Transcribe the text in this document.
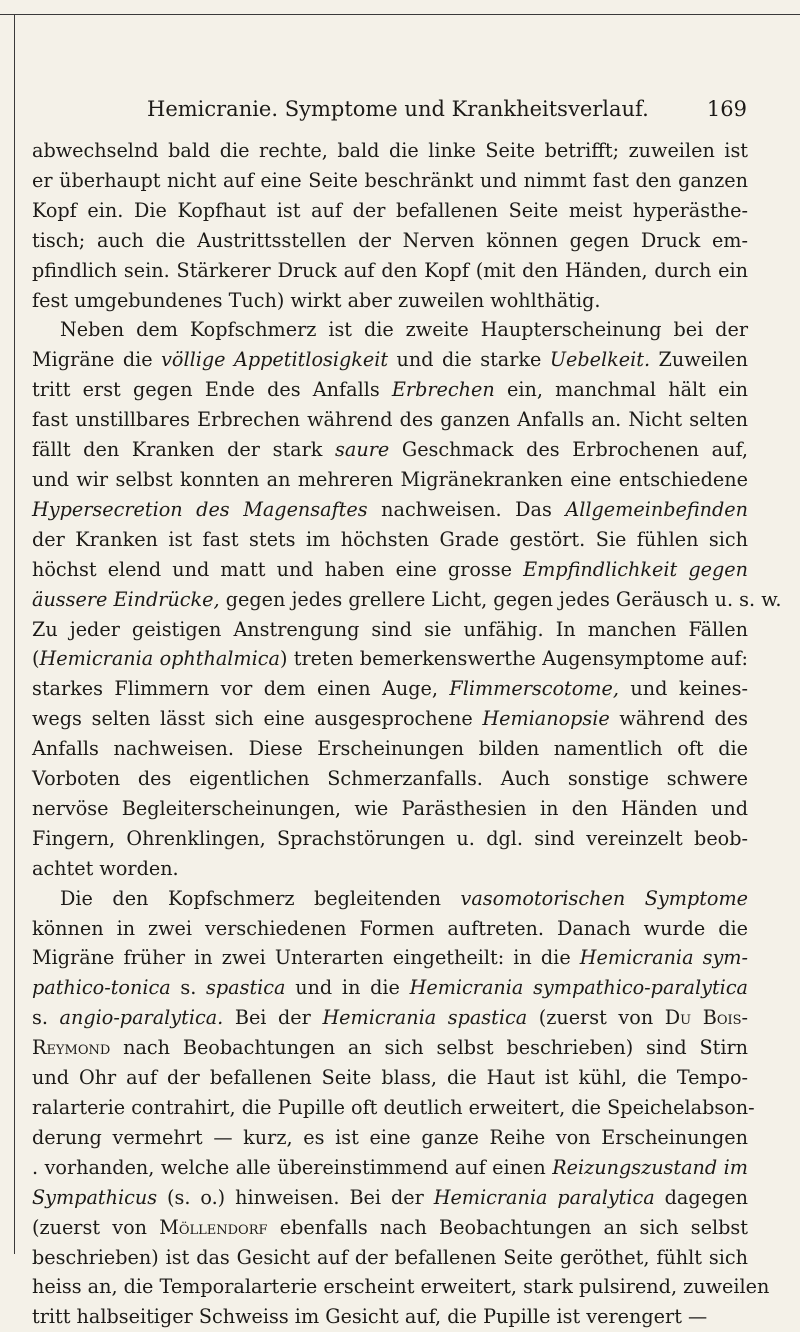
Hemicranie. Symptome und Krankheitsverlauf.	169

abwechselnd bald die rechte, bald die linke Seite betrifft; zuweilen ist
er überhaupt nicht auf eine Seite beschränkt und nimmt fast den ganzen
Kopf ein. Die Kopfhaut ist auf der befallenen Seite meist hyperästhe-
tisch; auch die Austrittsstellen der Nerven können gegen Druck em-
pfindlich sein. Stärkerer Druck auf den Kopf (mit den Händen, durch ein
fest umgebundenes Tuch) wirkt aber zuweilen wohlthätig.

Neben dem Kopfschmerz ist die zweite Haupterscheinung bei der
Migräne die völlige Appetitlosigkeit und die starke Uebelkeit. Zuweilen
tritt erst gegen Ende des Anfalls Erbrechen ein, manchmal hält ein
fast unstillbares Erbrechen während des ganzen Anfalls an. Nicht selten
fällt den Kranken der stark saure Geschmack des Erbrochenen auf,
und wir selbst konnten an mehreren Migränekranken eine entschiedene
Hypersecretion des Magensaftes nachweisen. Das Allgemeinbefinden
der Kranken ist fast stets im höchsten Grade gestört. Sie fühlen sich
höchst elend und matt und haben eine grosse Empfindlichkeit gegen
äussere Eindrücke, gegen jedes grellere Licht, gegen jedes Geräusch u. s. w.
Zu jeder geistigen Anstrengung sind sie unfähig. In manchen Fällen
(Hemicrania ophthalmica) treten bemerkenswerthe Augensymptome auf:
starkes Flimmern vor dem einen Auge, Flimmerscotome, und keines-
wegs selten lässt sich eine ausgesprochene Hemianopsie während des
Anfalls nachweisen. Diese Erscheinungen bilden namentlich oft die
Vorboten des eigentlichen Schmerzanfalls. Auch sonstige schwere
nervöse Begleiterscheinungen, wie Parästhesien in den Händen und
Fingern, Ohrenklingen, Sprachstörungen u. dgl. sind vereinzelt beob-
achtet worden.

Die den Kopfschmerz begleitenden vasomotorischen Symptome
können in zwei verschiedenen Formen auftreten. Danach wurde die
Migräne früher in zwei Unterarten eingetheilt: in die Hemicrania sym-
pathico-tonica s. spastica und in die Hemicrania sympathico-paralytica
s. angio-paralytica. Bei der Hemicrania spastica (zuerst von Du Bois-
Reymond nach Beobachtungen an sich selbst beschrieben) sind Stirn
und Ohr auf der befallenen Seite blass, die Haut ist kühl, die Tempo-
ralarterie contrahirt, die Pupille oft deutlich erweitert, die Speichelabson-
derung vermehrt — kurz, es ist eine ganze Reihe von Erscheinungen
. vorhanden, welche alle übereinstimmend auf einen Reizungszustand im
Sympathicus (s. o.) hinweisen. Bei der Hemicrania paralytica dagegen
(zuerst von Möllendorf ebenfalls nach Beobachtungen an sich selbst
beschrieben) ist das Gesicht auf der befallenen Seite geröthet, fühlt sich
heiss an, die Temporalarterie erscheint erweitert, stark pulsirend, zuweilen
tritt halbseitiger Schweiss im Gesicht auf, die Pupille ist verengert —
